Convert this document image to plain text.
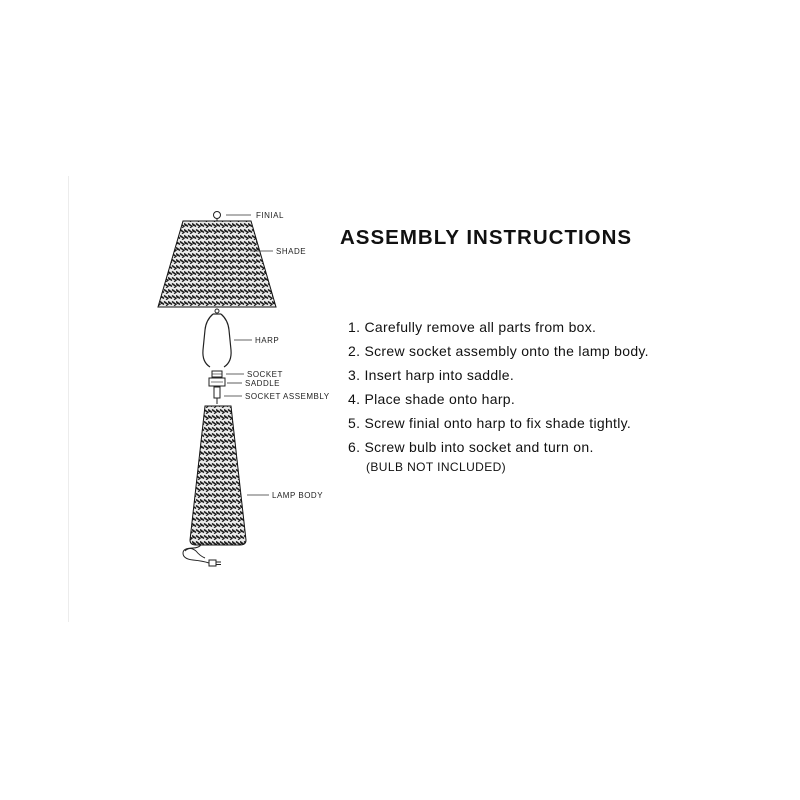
FINIAL
SHADE
HARP
SOCKET
SADDLE
SOCKET ASSEMBLY
LAMP BODY
ASSEMBLY INSTRUCTIONS
1. Carefully remove all parts from box.
2. Screw socket assembly onto the lamp body.
3. Insert harp into saddle.
4. Place shade onto harp.
5. Screw finial onto harp to fix shade tightly.
6. Screw bulb into socket and turn on.
(BULB NOT INCLUDED)
